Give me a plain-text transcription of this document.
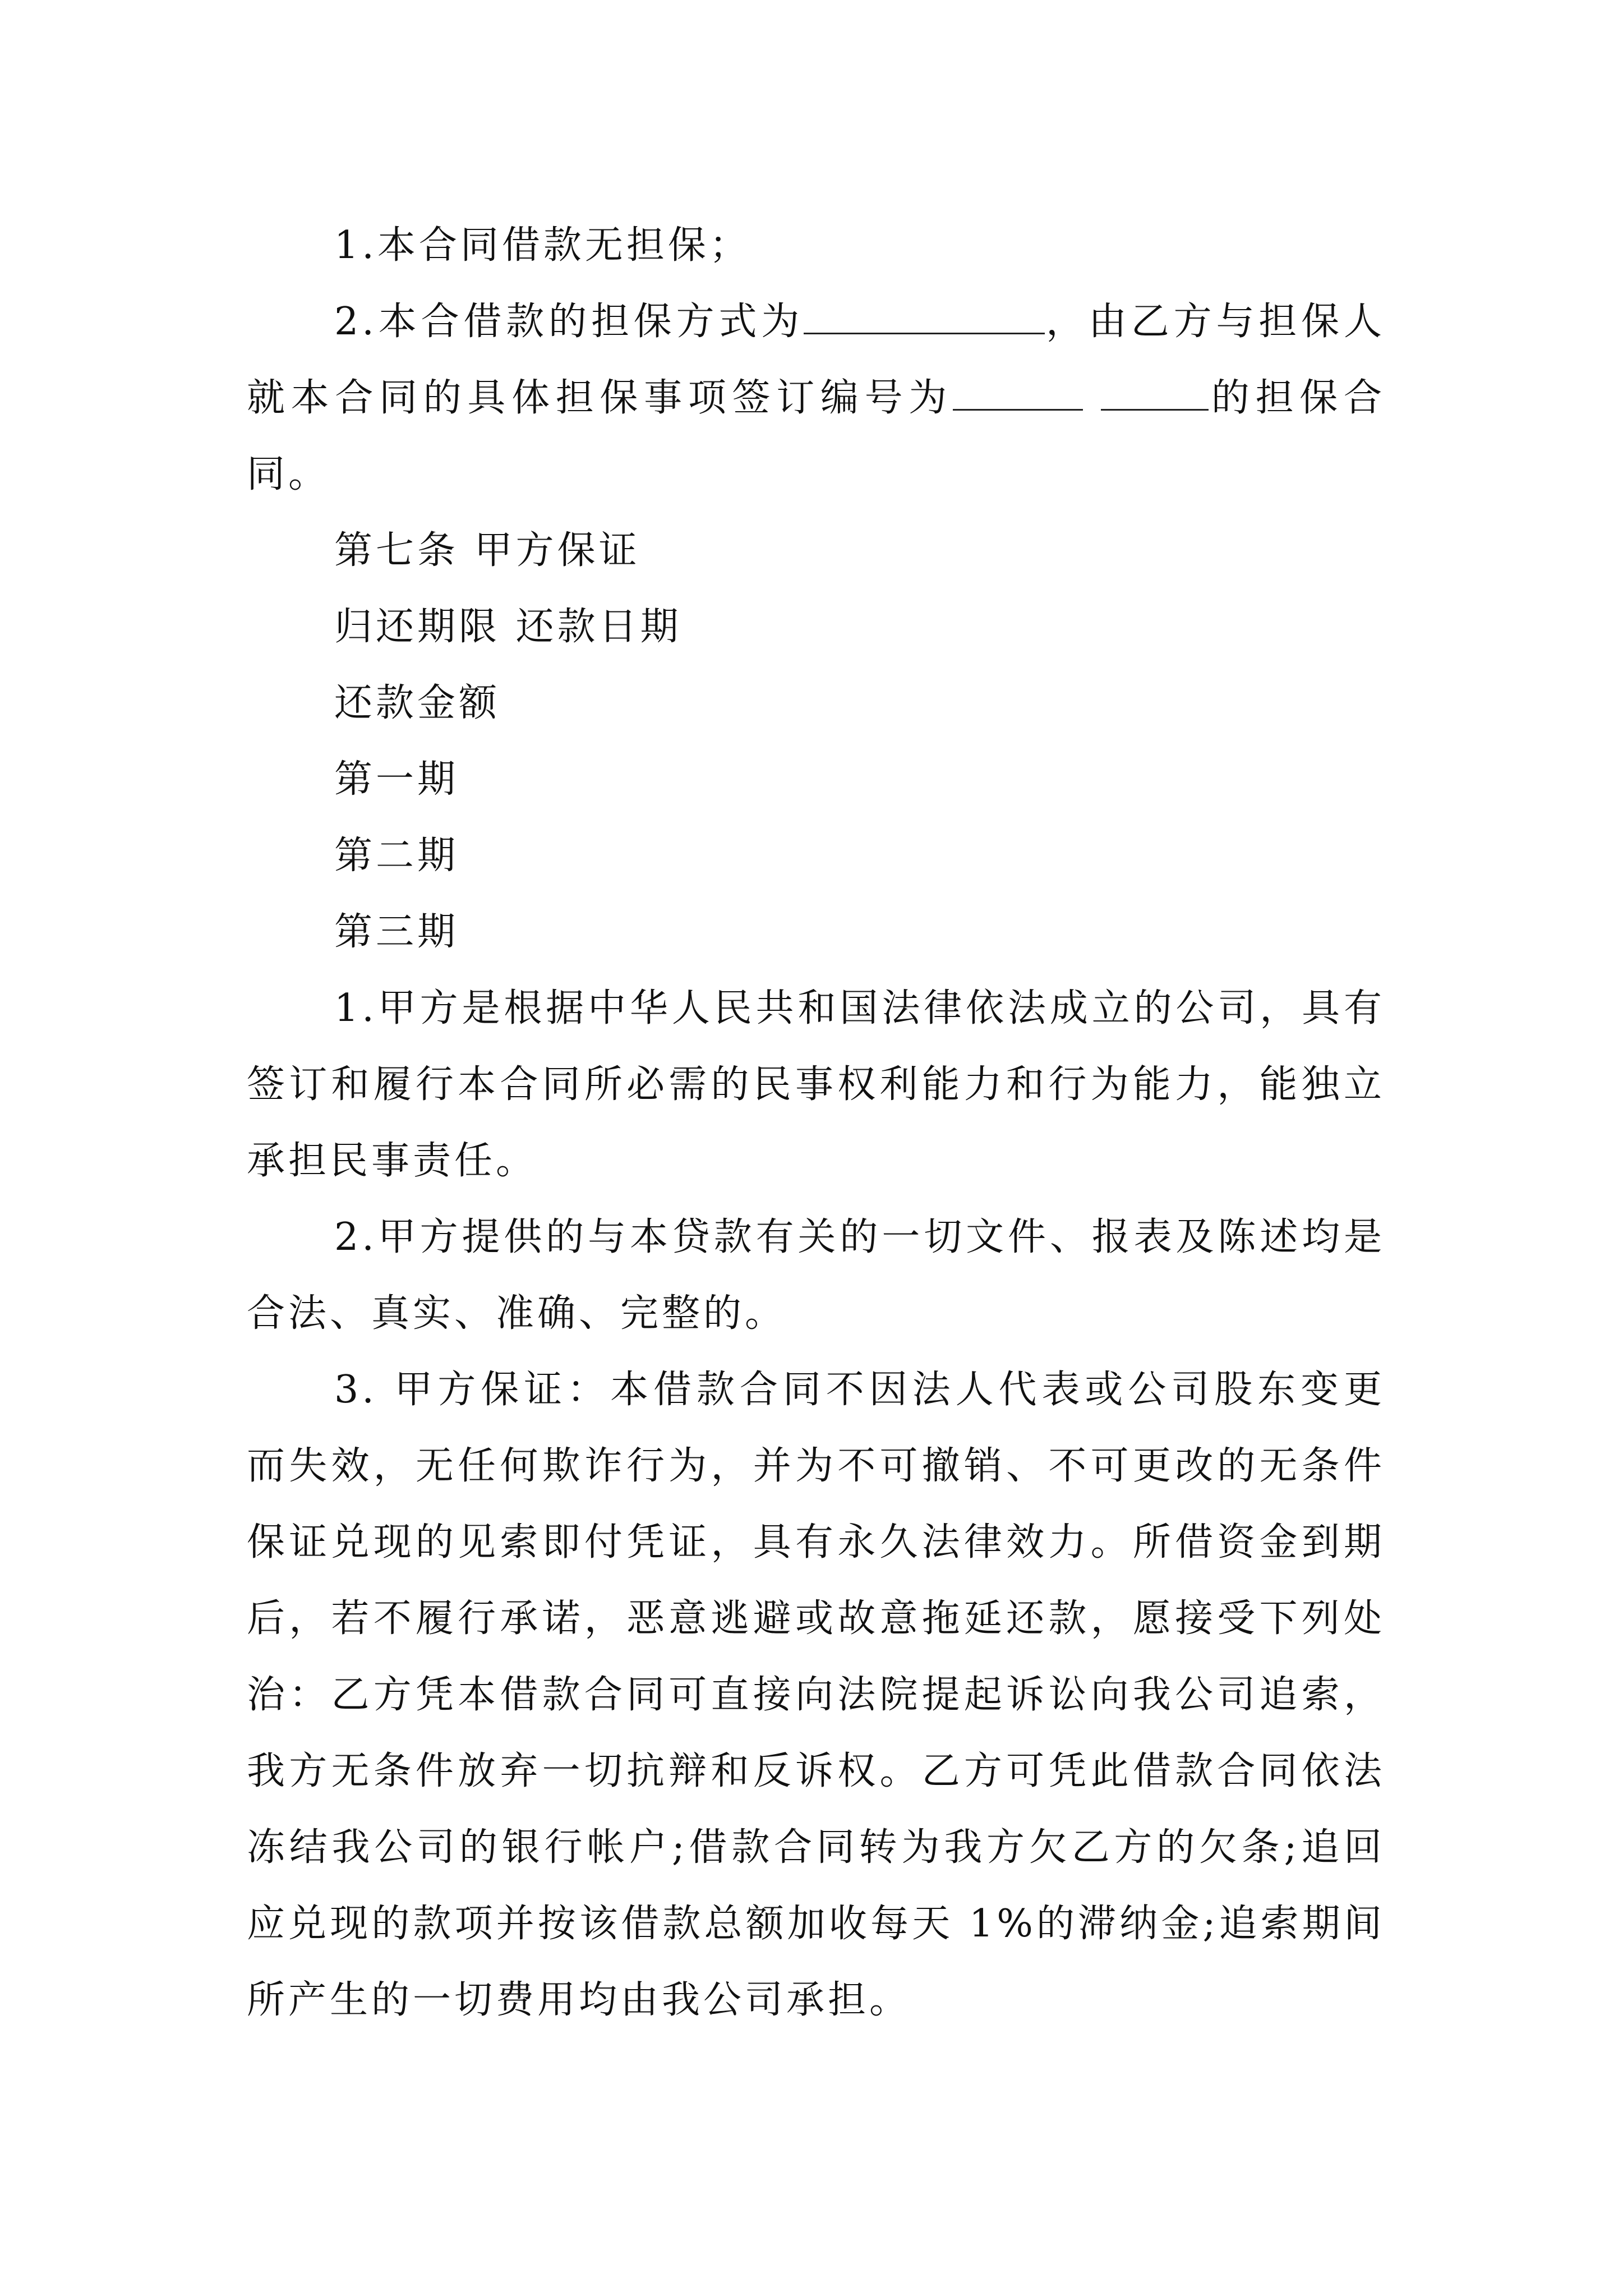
1.本合同借款无担保；

2.本合借款的担保方式为	，由乙方与担保人就本合同的具体担保事项签订编号为	的担保合同。

第七条 甲方保证

归还期限 还款日期

还款金额

第一期

第二期

第三期

1.甲方是根据中华人民共和国法律依法成立的公司，具有签订和履行本合同所必需的民事权利能力和行为能力，能独立承担民事责任。

2.甲方提供的与本贷款有关的一切文件、报表及陈述均是合法、真实、准确、完整的。

3. 甲方保证：本借款合同不因法人代表或公司股东变更而失效，无任何欺诈行为，并为不可撤销、不可更改的无条件保证兑现的见索即付凭证，具有永久法律效力。所借资金到期后，若不履行承诺，恶意逃避或故意拖延还款，愿接受下列处治：乙方凭本借款合同可直接向法院提起诉讼向我公司追索，我方无条件放弃一切抗辩和反诉权。乙方可凭此借款合同依法冻结我公司的银行帐户;借款合同转为我方欠乙方的欠条;追回应兑现的款项并按该借款总额加收每天 1%的滞纳金;追索期间所产生的一切费用均由我公司承担。
